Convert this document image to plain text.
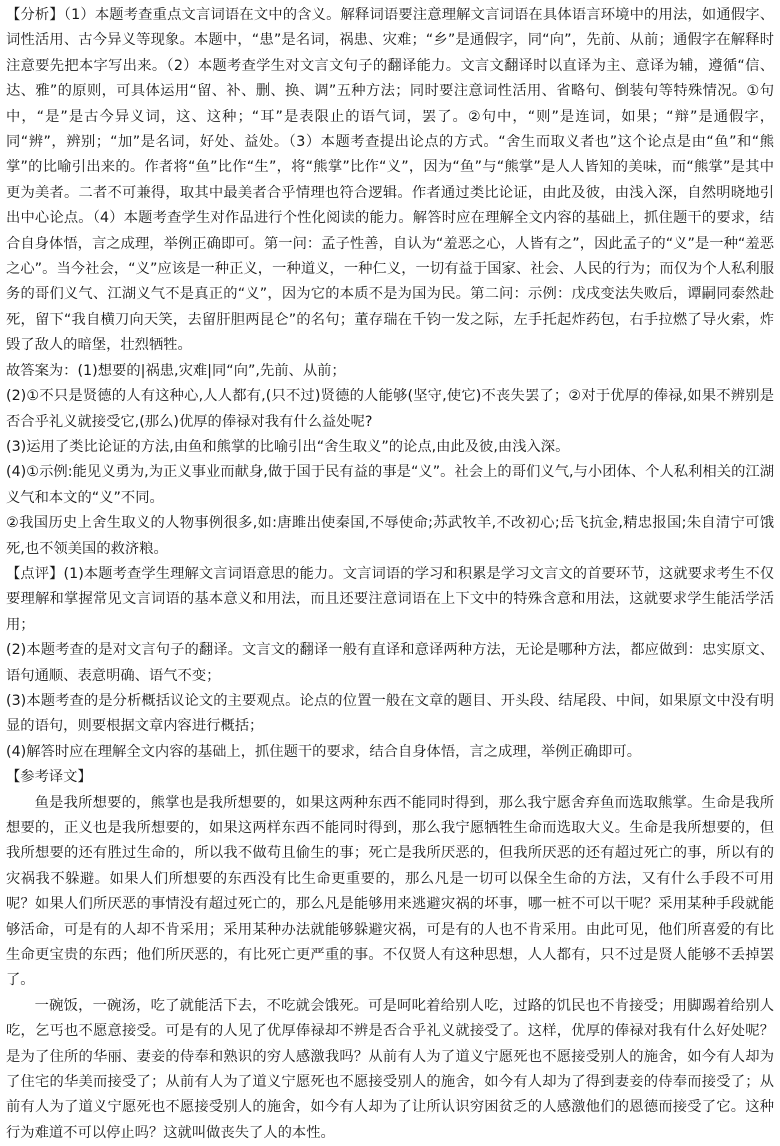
【分析】（1）本题考查重点文言词语在文中的含义。解释词语要注意理解文言词语在具体语言环境中的用法，如通假字、词性活用、古今异义等现象。本题中，“患”是名词，祸患、灾难；“乡”是通假字，同“向”，先前、从前；通假字在解释时注意要先把本字写出来。（2）本题考查学生对文言文句子的翻译能力。文言文翻译时以直译为主、意译为辅，遵循“信、达、雅”的原则，可具体运用“留、补、删、换、调”五种方法；同时要注意词性活用、省略句、倒装句等特殊情况。①句中，“是”是古今异义词，这、这种；“耳”是表限止的语气词，罢了。②句中，“则”是连词，如果；“辩”是通假字，同“辨”，辨别；“加”是名词，好处、益处。（3）本题考查提出论点的方式。“舍生而取义者也”这个论点是由“鱼”和“熊掌”的比喻引出来的。作者将“鱼”比作“生”，将“熊掌”比作“义”，因为“鱼”与“熊掌”是人人皆知的美味，而“熊掌”是其中更为美者。二者不可兼得，取其中最美者合乎情理也符合逻辑。作者通过类比论证，由此及彼，由浅入深，自然明晓地引出中心论点。（4）本题考查学生对作品进行个性化阅读的能力。解答时应在理解全文内容的基础上，抓住题干的要求，结合自身体悟，言之成理，举例正确即可。第一问：孟子性善，自认为“羞恶之心，人皆有之”，因此孟子的“义”是一种“羞恶之心”。当今社会，“义”应该是一种正义，一种道义，一种仁义，一切有益于国家、社会、人民的行为；而仅为个人私利服务的哥们义气、江湖义气不是真正的“义”，因为它的本质不是为国为民。第二问：示例：戊戌变法失败后，谭嗣同泰然赴死，留下“我自横刀向天笑，去留肝胆两昆仑”的名句；董存瑞在千钧一发之际，左手托起炸药包，右手拉燃了导火索，炸毁了敌人的暗堡，壮烈牺牲。

故答案为：(1)想要的|祸患,灾难|同“向”,先前、从前；

(2)①不只是贤德的人有这种心,人人都有,(只不过)贤德的人能够(坚守,使它)不丧失罢了；②对于优厚的俸禄,如果不辨别是否合乎礼义就接受它,(那么)优厚的俸禄对我有什么益处呢?

(3)运用了类比论证的方法,由鱼和熊掌的比喻引出“舍生取义”的论点,由此及彼,由浅入深。

(4)①示例:能见义勇为,为正义事业而献身,做于国于民有益的事是“义”。社会上的哥们义气,与小团体、个人私利相关的江湖义气和本文的“义”不同。

②我国历史上舍生取义的人物事例很多,如:唐雎出使秦国,不辱使命;苏武牧羊,不改初心;岳飞抗金,精忠报国;朱自清宁可饿死,也不领美国的救济粮。

【点评】(1)本题考查学生理解文言词语意思的能力。文言词语的学习和积累是学习文言文的首要环节，这就要求考生不仅要理解和掌握常见文言词语的基本意义和用法，而且还要注意词语在上下文中的特殊含意和用法，这就要求学生能活学活用；

(2)本题考查的是对文言句子的翻译。文言文的翻译一般有直译和意译两种方法，无论是哪种方法，都应做到：忠实原文、语句通顺、表意明确、语气不变；

(3)本题考查的是分析概括议论文的主要观点。论点的位置一般在文章的题目、开头段、结尾段、中间，如果原文中没有明显的语句，则要根据文章内容进行概括；

(4)解答时应在理解全文内容的基础上，抓住题干的要求，结合自身体悟，言之成理，举例正确即可。

【参考译文】

鱼是我所想要的，熊掌也是我所想要的，如果这两种东西不能同时得到，那么我宁愿舍弃鱼而选取熊掌。生命是我所想要的，正义也是我所想要的，如果这两样东西不能同时得到，那么我宁愿牺牲生命而选取大义。生命是我所想要的，但我所想要的还有胜过生命的，所以我不做苟且偷生的事；死亡是我所厌恶的，但我所厌恶的还有超过死亡的事，所以有的灾祸我不躲避。如果人们所想要的东西没有比生命更重要的，那么凡是一切可以保全生命的方法，又有什么手段不可用呢？如果人们所厌恶的事情没有超过死亡的，那么凡是能够用来逃避灾祸的坏事，哪一桩不可以干呢？采用某种手段就能够活命，可是有的人却不肯采用；采用某种办法就能够躲避灾祸，可是有的人也不肯采用。由此可见，他们所喜爱的有比生命更宝贵的东西；他们所厌恶的，有比死亡更严重的事。不仅贤人有这种思想，人人都有，只不过是贤人能够不丢掉罢了。

一碗饭，一碗汤，吃了就能活下去，不吃就会饿死。可是呵叱着给别人吃，过路的饥民也不肯接受；用脚踢着给别人吃，乞丐也不愿意接受。可是有的人见了优厚俸禄却不辨是否合乎礼义就接受了。这样，优厚的俸禄对我有什么好处呢？是为了住所的华丽、妻妾的侍奉和熟识的穷人感激我吗？从前有人为了道义宁愿死也不愿接受别人的施舍，如今有人却为了住宅的华美而接受了；从前有人为了道义宁愿死也不愿接受别人的施舍，如今有人却为了得到妻妾的侍奉而接受了；从前有人为了道义宁愿死也不愿接受别人的施舍，如今有人却为了让所认识穷困贫乏的人感激他们的恩德而接受了它。这种行为难道不可以停止吗？这就叫做丧失了人的本性。
